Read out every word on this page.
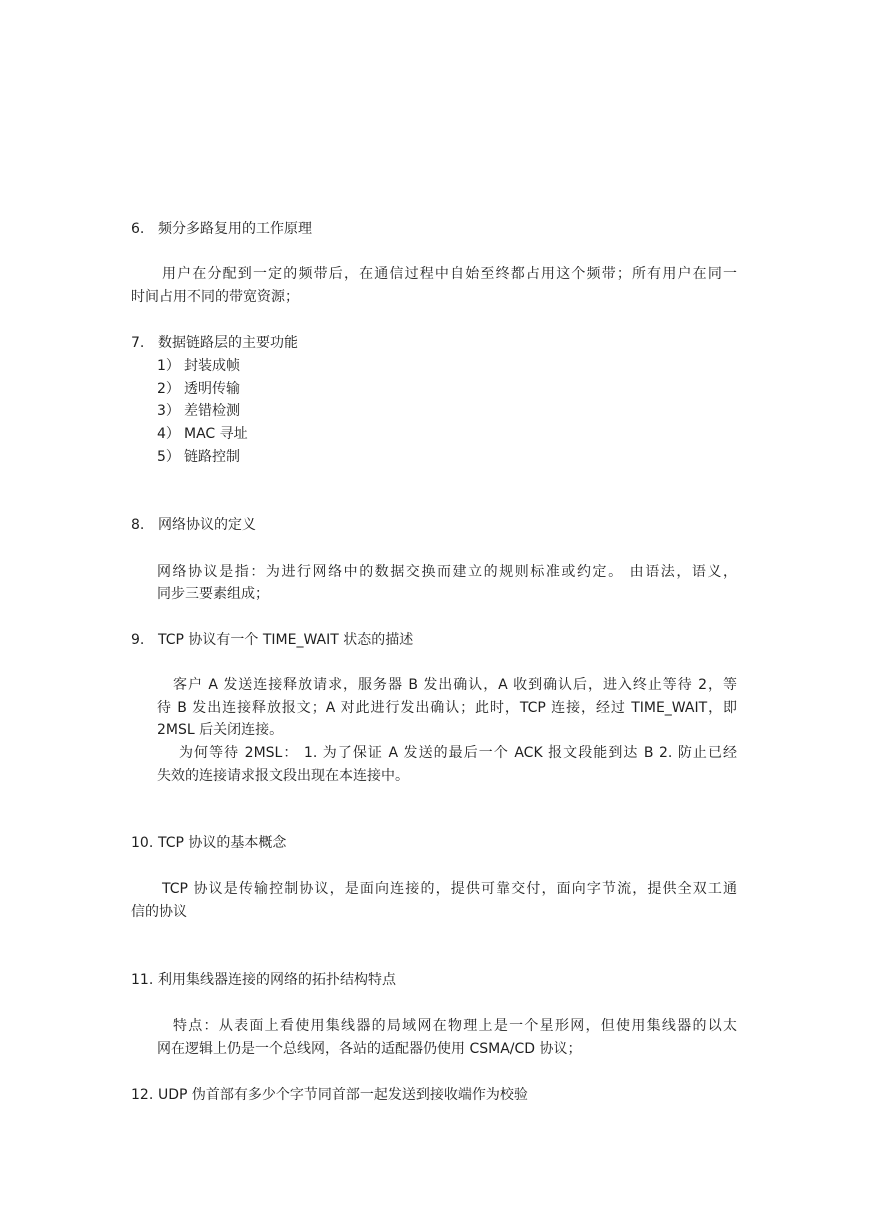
6. 频分多路复用的工作原理
用户在分配到一定的频带后，在通信过程中自始至终都占用这个频带；所有用户在同一
时间占用不同的带宽资源；
7. 数据链路层的主要功能
1） 封装成帧
2） 透明传输
3） 差错检测
4） MAC 寻址
5） 链路控制
8. 网络协议的定义
网络协议是指：为进行网络中的数据交换而建立的规则标准或约定。 由语法，语义，
同步三要素组成；
9. TCP 协议有一个 TIME_WAIT 状态的描述
客户 A 发送连接释放请求，服务器 B 发出确认，A 收到确认后，进入终止等待 2，等
待 B 发出连接释放报文；A 对此进行发出确认；此时，TCP 连接，经过 TIME_WAIT，即
2MSL 后关闭连接。
为何等待 2MSL： 1. 为了保证 A 发送的最后一个 ACK 报文段能到达 B 2. 防止已经
失效的连接请求报文段出现在本连接中。
10. TCP 协议的基本概念
TCP 协议是传输控制协议，是面向连接的，提供可靠交付，面向字节流，提供全双工通
信的协议
11. 利用集线器连接的网络的拓扑结构特点
特点：从表面上看使用集线器的局域网在物理上是一个星形网，但使用集线器的以太
网在逻辑上仍是一个总线网，各站的适配器仍使用 CSMA/CD 协议；
12. UDP 伪首部有多少个字节同首部一起发送到接收端作为校验
